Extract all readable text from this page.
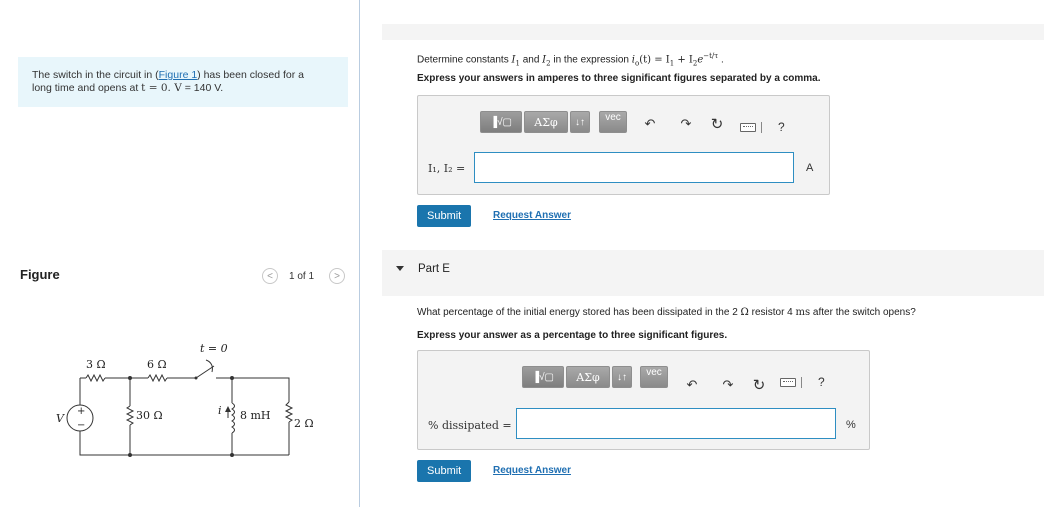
The switch in the circuit in (Figure 1) has been closed for a
long time and opens at t = 0. V = 140 V.
Figure	<	1 of 1	>
3 Ω	6 Ω
t = 0
30 Ω	i 8 mH
2 Ω
V
+
−
Determine constants $I_1$ and $I_2$ in the expression $i_o(t) = I_1 + I_2e^{-t/\tau}$ .
Express your answers in amperes to three significant figures separated by a comma.
▐√▢	ΑΣφ	↓↑	vec	↶ ↷ ↻	?
I₁, I₂ =	A
Submit	Request Answer
Part E
What percentage of the initial energy stored has been dissipated in the 2 Ω resistor 4 ms after the switch opens?
Express your answer as a percentage to three significant figures.
▐√▢	ΑΣφ	↓↑	vec
↶ ↷ ↻	?
% dissipated =	%
Submit	Request Answer
